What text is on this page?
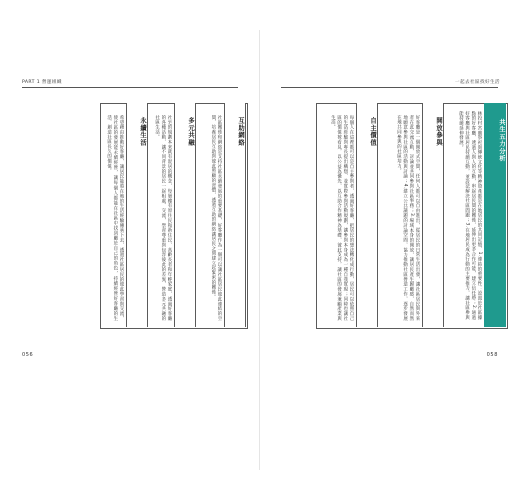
PART 1 營運組織	一起去社區找好生活
互助網絡
社區關係和網絡是支持社區永續發展的重要基礎，好客廳作為一個可以讓社區居民彼此連結的空間，培養居民互助與彼此照顧的習慣，透過互助的網絡讓居民之間建立起緊密的關係。
多元共融
社宅的規劃本來就有混居的概念，每層樓有原住民和新住民、高齡長者和年輕家庭，透過好客廳的各種活動，讓不同背景的居民一起相處、交流，學習尊重與包容彼此的差異，營造多元共融的社區生活。
永續生活
希望藉由推動好客廳，讓居民能將在地的生活經驗傳承下去，透過社區居民的彼此學習與交流，使社區的發展能永續經營，讓每個人都能在社區中找到屬於自己的角色，持續經營好客廳的生活，創造社區長久的價值。	共生五力分析
林投村宮廟祭祀與傳統文化等精神資產都是在地居民的共同記憶，1.連結的重要性：設置於社區據點的好客廳，透過人與人的互動，串起居民間的關係，延伸出更多合作可能，建立信任感；2.通過好客廳與社區居民持續互動，並設法解決社區問題；3.在地居民成為行動的主要推力，讓社區參與能持續延伸發展。
開放參與
好客廳是一個開放式空間，任何人都可以自由進出，從居民的日常生活出發，讓社區居民與外來者在此交流互動，討論並共同參與社區事務；3.場域本身的開放，讓居民產生歸屬感，自然而然地願意參與社區的活動與討論；4.建立公共議題的討論空間，協力推動社區營造工作，逐步發展在地共同參與的社區培力。
自主價值
每個人在這裡都可以是自主參與者，透過好客廳，把居民的想法轉化成行動，居民可以依照自己的生活經驗與專長提出構想，並實際參與活動規劃，讓參與本身成為一種自我實現；同時也讓社區的價值被看見，以公益為優先，以互助合作精神為基礎，彼此支持，讓社區的發展兼顧產業與生活。
056	058
